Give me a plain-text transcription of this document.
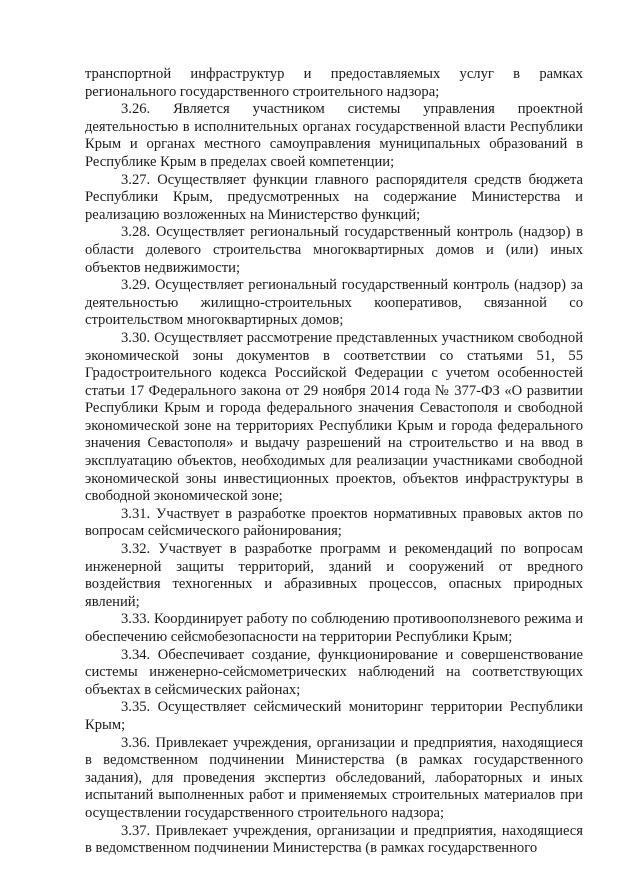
транспортной инфраструктур и предоставляемых услуг в рамках регионального государственного строительного надзора;

3.26. Является участником системы управления проектной деятельностью в исполнительных органах государственной власти Республики Крым и органах местного самоуправления муниципальных образований в Республике Крым в пределах своей компетенции;

3.27. Осуществляет функции главного распорядителя средств бюджета Республики Крым, предусмотренных на содержание Министерства и реализацию возложенных на Министерство функций;

3.28. Осуществляет региональный государственный контроль (надзор) в области долевого строительства многоквартирных домов и (или) иных объектов недвижимости;

3.29. Осуществляет региональный государственный контроль (надзор) за деятельностью жилищно-строительных кооперативов, связанной со строительством многоквартирных домов;

3.30. Осуществляет рассмотрение представленных участником свободной экономической зоны документов в соответствии со статьями 51, 55 Градостроительного кодекса Российской Федерации с учетом особенностей статьи 17 Федерального закона от 29 ноября 2014 года № 377-ФЗ «О развитии Республики Крым и города федерального значения Севастополя и свободной экономической зоне на территориях Республики Крым и города федерального значения Севастополя» и выдачу разрешений на строительство и на ввод в эксплуатацию объектов, необходимых для реализации участниками свободной экономической зоны инвестиционных проектов, объектов инфраструктуры в свободной экономической зоне;

3.31. Участвует в разработке проектов нормативных правовых актов по вопросам сейсмического районирования;

3.32. Участвует в разработке программ и рекомендаций по вопросам инженерной защиты территорий, зданий и сооружений от вредного воздействия техногенных и абразивных процессов, опасных природных явлений;

3.33. Координирует работу по соблюдению противооползневого режима и обеспечению сейсмобезопасности на территории Республики Крым;

3.34. Обеспечивает создание, функционирование и совершенствование системы инженерно-сейсмометрических наблюдений на соответствующих объектах в сейсмических районах;

3.35. Осуществляет сейсмический мониторинг территории Республики Крым;

3.36. Привлекает учреждения, организации и предприятия, находящиеся в ведомственном подчинении Министерства (в рамках государственного задания), для проведения экспертиз обследований, лабораторных и иных испытаний выполненных работ и применяемых строительных материалов при осуществлении государственного строительного надзора;

3.37. Привлекает учреждения, организации и предприятия, находящиеся в ведомственном подчинении Министерства (в рамках государственного
